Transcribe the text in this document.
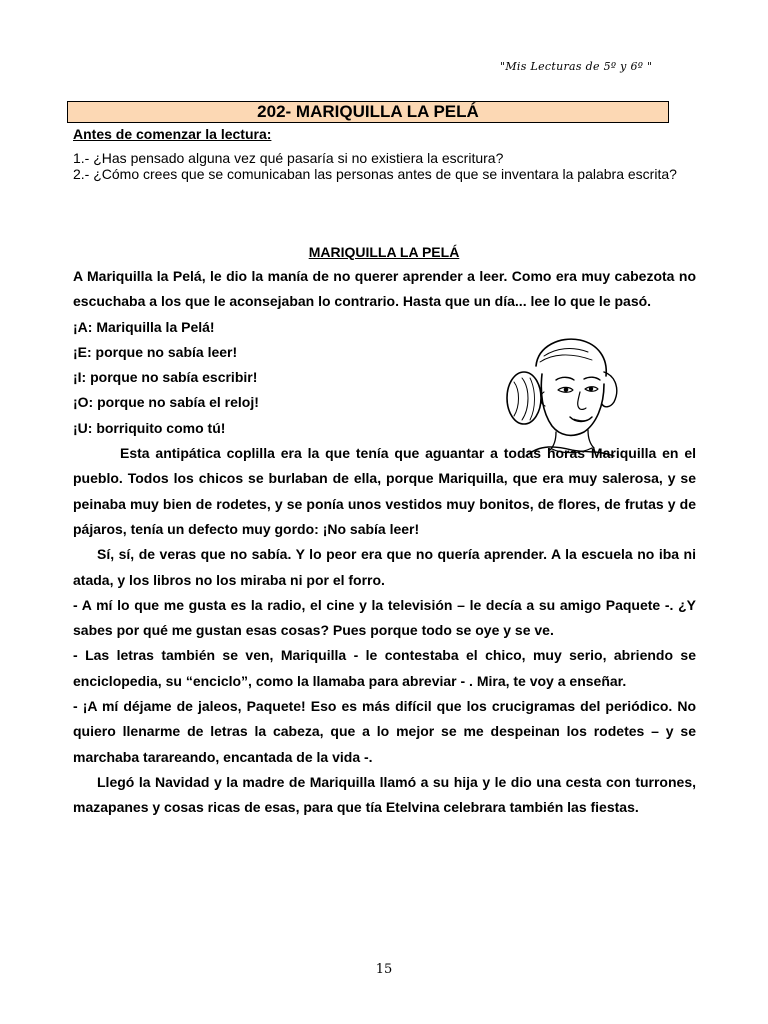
"Mis Lecturas de 5º y 6º "
202- MARIQUILLA LA PELÁ
Antes de comenzar la lectura:

1.- ¿Has pensado alguna vez qué pasaría si no existiera la escritura?

2.- ¿Cómo crees que se comunicaban las personas antes de que se inventara la palabra escrita?

MARIQUILLA LA PELÁ

A Mariquilla la Pelá, le dio la manía de no querer aprender a leer. Como era muy cabezota no escuchaba a los que le aconsejaban lo contrario. Hasta que un día... lee lo que le pasó.

¡A: Mariquilla la Pelá!

¡E: porque no sabía leer!

¡I: porque no sabía escribir!

¡O: porque no sabía el reloj!

¡U: borriquito como tú!

Esta antipática coplilla era la que tenía que aguantar a todas horas Mariquilla en el pueblo. Todos los chicos se burlaban de ella, porque Mariquilla, que era muy salerosa, y se peinaba muy bien de rodetes, y se ponía unos vestidos muy bonitos, de flores, de frutas y de pájaros, tenía un defecto muy gordo: ¡No sabía leer!

Sí, sí, de veras que no sabía. Y lo peor era que no quería aprender. A la escuela no iba ni atada, y los libros no los miraba ni por el forro.

- A mí lo que me gusta es la radio, el cine y la televisión – le decía a su amigo Paquete -. ¿Y sabes por qué me gustan esas cosas? Pues porque todo se oye y se ve.

- Las letras también se ven, Mariquilla - le contestaba el chico, muy serio, abriendo se enciclopedia, su “enciclo”, como la llamaba para abreviar - . Mira, te voy a enseñar.

- ¡A mí déjame de jaleos, Paquete! Eso es más difícil que los crucigramas del periódico. No quiero llenarme de letras la cabeza, que a lo mejor se me despeinan los rodetes – y se marchaba tarareando, encantada de la vida -.

Llegó la Navidad y la madre de Mariquilla llamó a su hija y le dio una cesta con turrones, mazapanes y cosas ricas de esas, para que tía Etelvina celebrara también las fiestas.

15
